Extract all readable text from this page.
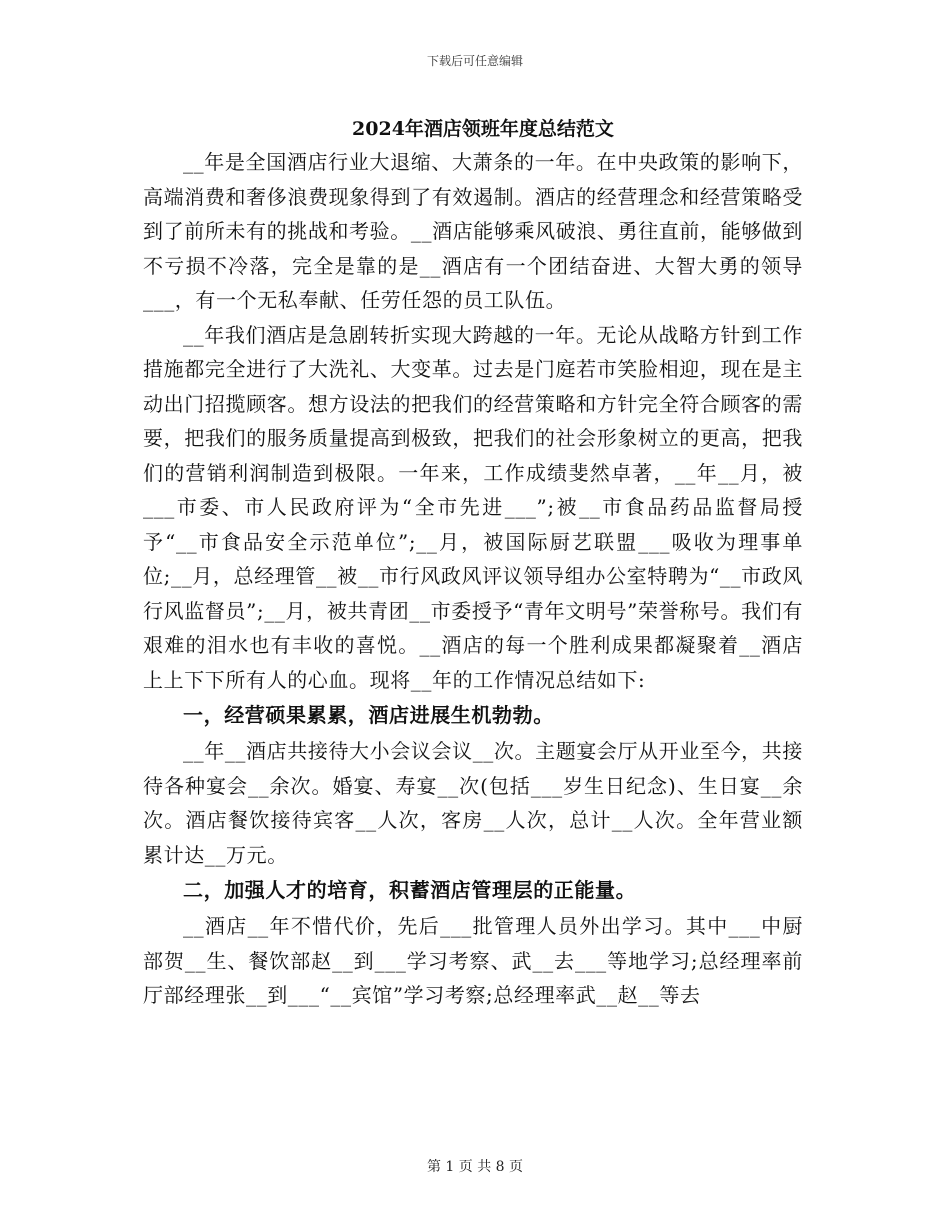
下载后可任意编辑
2024年酒店领班年度总结范文

__年是全国酒店行业大退缩、大萧条的一年。在中央政策的影响下，高端消费和奢侈浪费现象得到了有效遏制。酒店的经营理念和经营策略受到了前所未有的挑战和考验。__酒店能够乘风破浪、勇往直前，能够做到不亏损不冷落，完全是靠的是__酒店有一个团结奋进、大智大勇的领导___，有一个无私奉献、任劳任怨的员工队伍。

__年我们酒店是急剧转折实现大跨越的一年。无论从战略方针到工作措施都完全进行了大洗礼、大变革。过去是门庭若市笑脸相迎，现在是主动出门招揽顾客。想方设法的把我们的经营策略和方针完全符合顾客的需要，把我们的服务质量提高到极致，把我们的社会形象树立的更高，把我们的营销利润制造到极限。一年来，工作成绩斐然卓著，__年__月，被___市委、市人民政府评为“全市先进___”;被__市食品药品监督局授予“__市食品安全示范单位”;__月，被国际厨艺联盟___吸收为理事单位;__月，总经理管__被__市行风政风评议领导组办公室特聘为“__市政风行风监督员”;__月，被共青团__市委授予“青年文明号”荣誉称号。我们有艰难的泪水也有丰收的喜悦。__酒店的每一个胜利成果都凝聚着__酒店上上下下所有人的心血。现将__年的工作情况总结如下:

一，经营硕果累累，酒店进展生机勃勃。

__年__酒店共接待大小会议会议__次。主题宴会厅从开业至今，共接待各种宴会__余次。婚宴、寿宴__次(包括___岁生日纪念)、生日宴__余次。酒店餐饮接待宾客__人次，客房__人次，总计__人次。全年营业额累计达__万元。

二，加强人才的培育，积蓄酒店管理层的正能量。

__酒店__年不惜代价，先后___批管理人员外出学习。其中___中厨部贺__生、餐饮部赵__到___学习考察、武__去___等地学习;总经理率前厅部经理张__到___“__宾馆”学习考察;总经理率武__赵__等去

第 1 页 共 8 页
